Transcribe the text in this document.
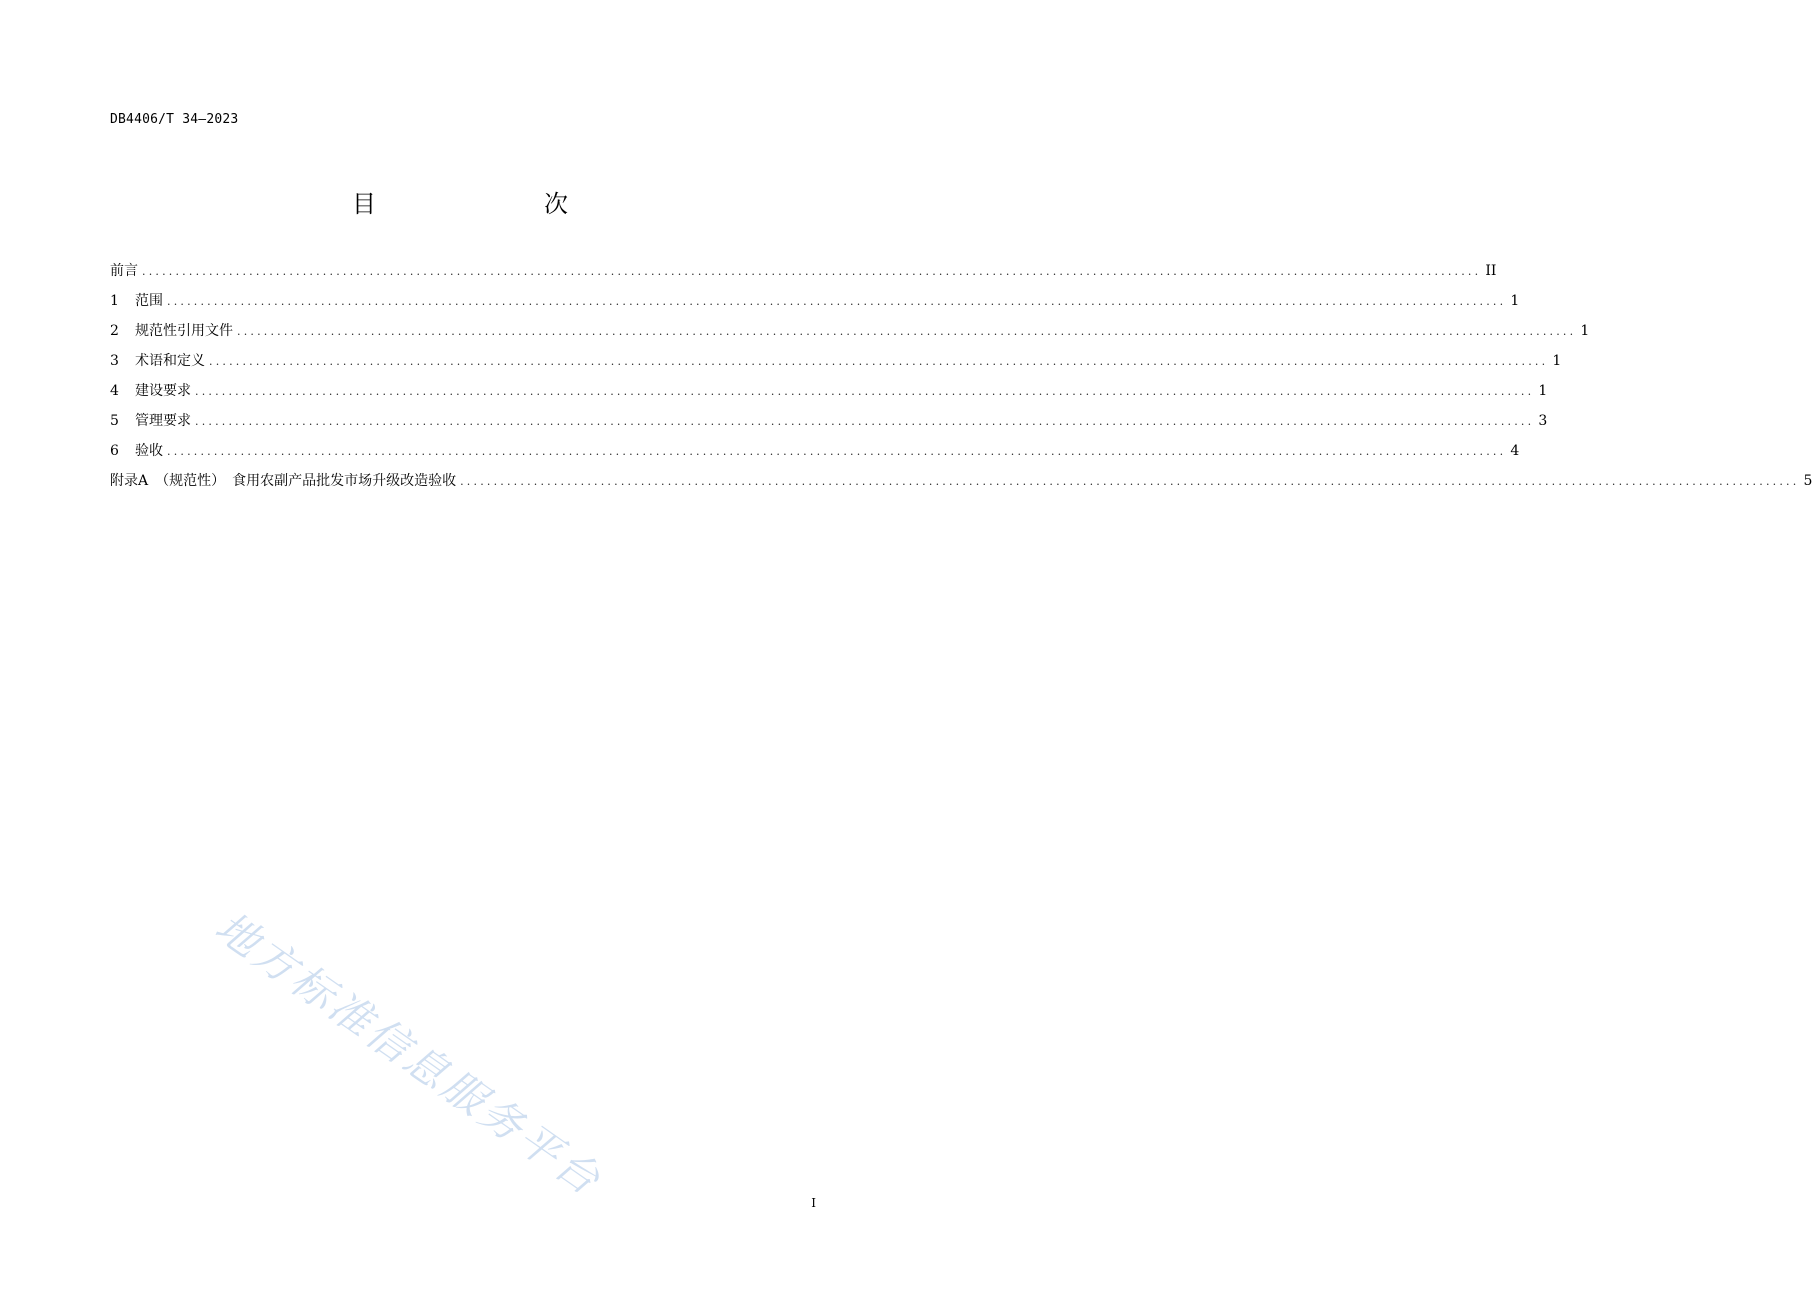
DB4406/T 34—2023
目　　次
前言 ........................................................................................................................................................................................................ II
1	范围 ........................................................................................................................................................................................................ 1
2	规范性引用文件 ........................................................................................................................................................................................................ 1
3	术语和定义 ........................................................................................................................................................................................................ 1
4	建设要求 ........................................................................................................................................................................................................ 1
5	管理要求 ........................................................................................................................................................................................................ 3
6	验收 ........................................................................................................................................................................................................ 4
附录A　（规范性）　食用农副产品批发市场升级改造验收 ........................................................................................................................................................................................................ 5
地方标准信息服务平台	I
